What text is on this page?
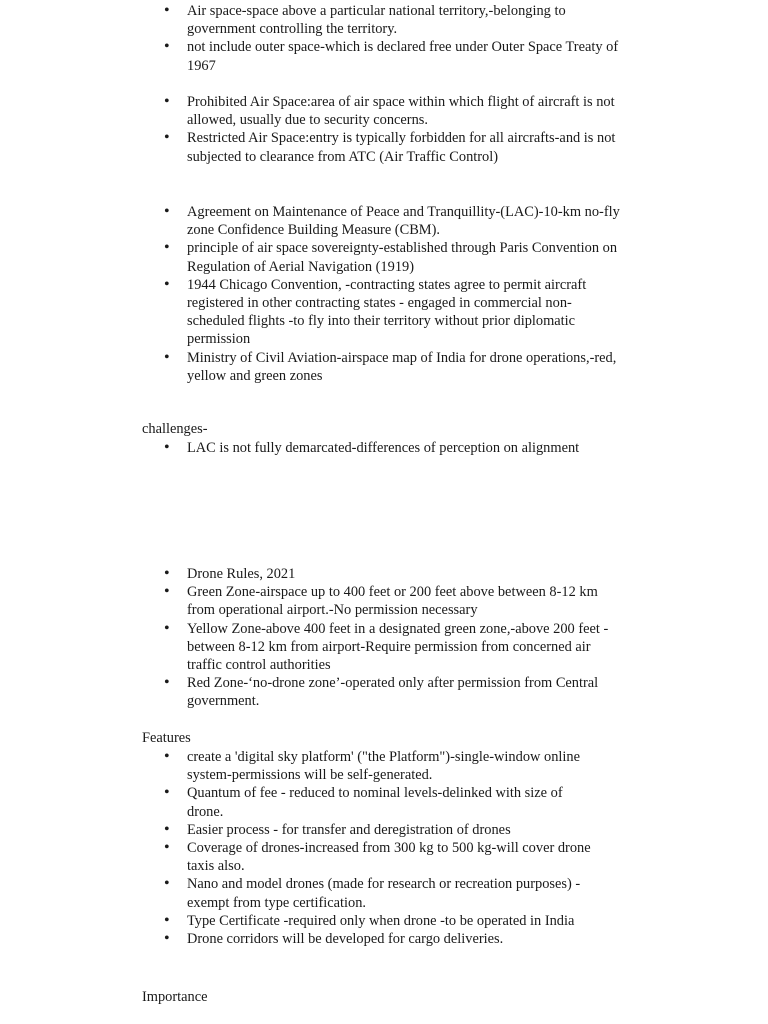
• Air space-space above a particular national territory,-belonging to government controlling the territory.
• not include outer space-which is declared free under Outer Space Treaty of 1967
• Prohibited Air Space:area of air space within which flight of aircraft is not allowed, usually due to security concerns.
• Restricted Air Space:entry is typically forbidden for all aircrafts-and is not subjected to clearance from ATC (Air Traffic Control)
• Agreement on Maintenance of Peace and Tranquillity-(LAC)-10-km no-fly zone Confidence Building Measure (CBM).
• principle of air space sovereignty-established through Paris Convention on Regulation of Aerial Navigation (1919)
• 1944 Chicago Convention, -contracting states agree to permit aircraft registered in other contracting states - engaged in commercial non-scheduled flights -to fly into their territory without prior diplomatic permission
• Ministry of Civil Aviation-airspace map of India for drone operations,-red, yellow and green zones

challenges-

• LAC is not fully demarcated-differences of perception on alignment
• Drone Rules, 2021
• Green Zone-airspace up to 400 feet or 200 feet above between 8-12 km from operational airport.-No permission necessary
• Yellow Zone-above 400 feet in a designated green zone,-above 200 feet -between 8-12 km from airport-Require permission from concerned air traffic control authorities
• Red Zone-‘no-drone zone’-operated only after permission from Central government.

Features

• create a 'digital sky platform' ("the Platform")-single-window online system-permissions will be self-generated.
• Quantum of fee - reduced to nominal levels-delinked with size of drone.
• Easier process - for transfer and deregistration of drones
• Coverage of drones-increased from 300 kg to 500 kg-will cover drone taxis also.
• Nano and model drones (made for research or recreation purposes) -exempt from type certification.
• Type Certificate -required only when drone -to be operated in India
• Drone corridors will be developed for cargo deliveries.

Importance
